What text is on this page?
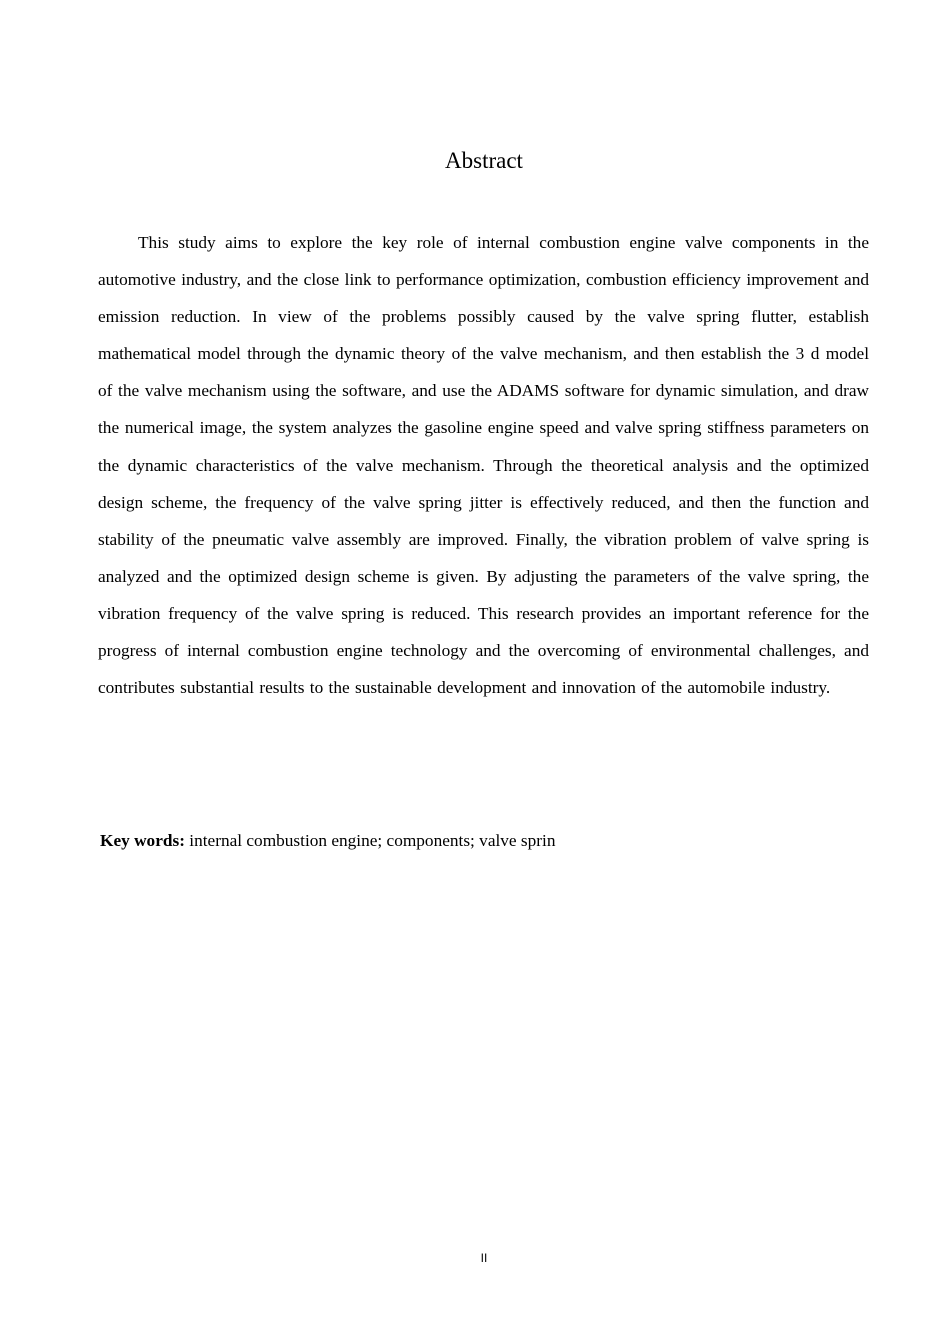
Abstract

This study aims to explore the key role of internal combustion engine valve components in the automotive industry, and the close link to performance optimization, combustion efficiency improvement and emission reduction. In view of the problems possibly caused by the valve spring flutter, establish mathematical model through the dynamic theory of the valve mechanism, and then establish the 3 d model of the valve mechanism using the software, and use the ADAMS software for dynamic simulation, and draw the numerical image, the system analyzes the gasoline engine speed and valve spring stiffness parameters on the dynamic characteristics of the valve mechanism. Through the theoretical analysis and the optimized design scheme, the frequency of the valve spring jitter is effectively reduced, and then the function and stability of the pneumatic valve assembly are improved. Finally, the vibration problem of valve spring is analyzed and the optimized design scheme is given. By adjusting the parameters of the valve spring, the vibration frequency of the valve spring is reduced. This research provides an important reference for the progress of internal combustion engine technology and the overcoming of environmental challenges, and contributes substantial results to the sustainable development and innovation of the automobile industry.

Key words: internal combustion engine; components; valve sprin

II
